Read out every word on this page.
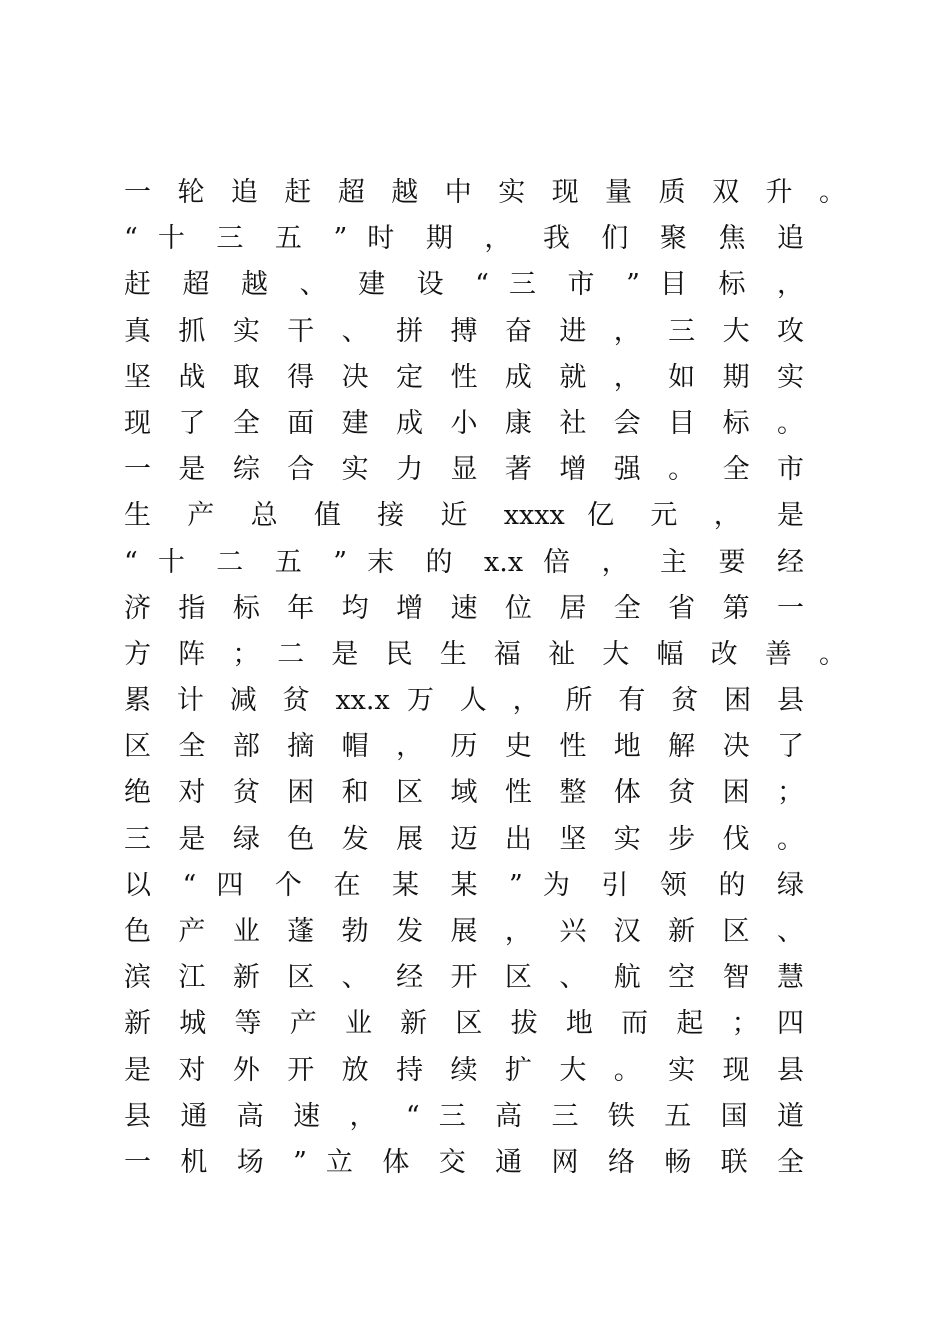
一 轮 追 赶 超 越 中 实 现 量 质 双 升 。
“ 十 三 五 ” 时 期 ， 我 们 聚 焦 追
赶 超 越 、 建 设 “ 三 市 ” 目 标 ，
真 抓 实 干 、 拼 搏 奋 进 ， 三 大 攻
坚 战 取 得 决 定 性 成 就 ， 如 期 实
现 了 全 面 建 成 小 康 社 会 目 标 。
一 是 综 合 实 力 显 著 增 强 。 全 市
生 产 总 值 接 近 xxxx 亿 元 ， 是
“ 十 二 五 ” 末 的 x.x 倍 ， 主 要 经
济 指 标 年 均 增 速 位 居 全 省 第 一
方 阵 ； 二 是 民 生 福 祉 大 幅 改 善 。
累 计 减 贫 xx.x 万 人 ， 所 有 贫 困 县
区 全 部 摘 帽 ， 历 史 性 地 解 决 了
绝 对 贫 困 和 区 域 性 整 体 贫 困 ；
三 是 绿 色 发 展 迈 出 坚 实 步 伐 。
以 “ 四 个 在 某 某 ” 为 引 领 的 绿
色 产 业 蓬 勃 发 展 ， 兴 汉 新 区 、
滨 江 新 区 、 经 开 区 、 航 空 智 慧
新 城 等 产 业 新 区 拔 地 而 起 ； 四
是 对 外 开 放 持 续 扩 大 。 实 现 县
县 通 高 速 ， “ 三 高 三 铁 五 国 道
一 机 场 ” 立 体 交 通 网 络 畅 联 全
